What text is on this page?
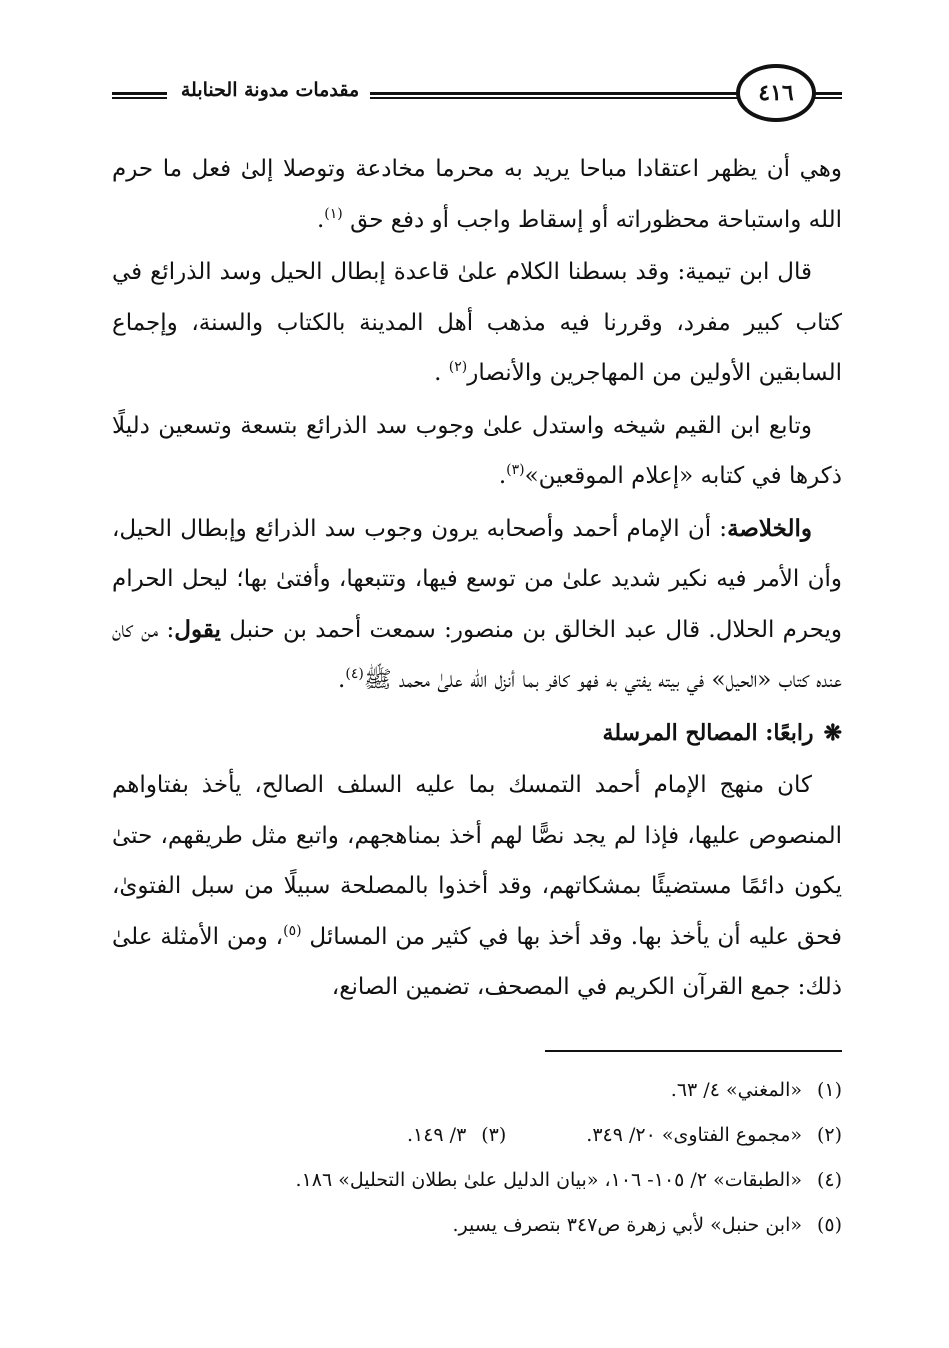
مقدمات مدونة الحنابلة	٤١٦

وهي أن يظهر اعتقادا مباحا يريد به محرما مخادعة وتوصلا إلىٰ فعل ما حرم الله واستباحة محظوراته أو إسقاط واجب أو دفع حق $^{(١)}$.

قال ابن تيمية: وقد بسطنا الكلام علىٰ قاعدة إبطال الحيل وسد الذرائع في كتاب كبير مفرد، وقررنا فيه مذهب أهل المدينة بالكتاب والسنة، وإجماع السابقين الأولين من المهاجرين والأنصار$^{(٢)}$ .

وتابع ابن القيم شيخه واستدل علىٰ وجوب سد الذرائع بتسعة وتسعين دليلًا ذكرها في كتابه «إعلام الموقعين»$^{(٣)}$.

والخلاصة: أن الإمام أحمد وأصحابه يرون وجوب سد الذرائع وإبطال الحيل، وأن الأمر فيه نكير شديد علىٰ من توسع فيها، وتتبعها، وأفتىٰ بها؛ ليحل الحرام ويحرم الحلال. قال عبد الخالق بن منصور: سمعت أحمد بن حنبل يقول: من كان عنده كتاب «الحيل» في بيته يفتي به فهو كافر بما أنزل الله علىٰ محمد ﷺ$^{(٤)}$.

❋رابعًا: المصالح المرسلة

كان منهج الإمام أحمد التمسك بما عليه السلف الصالح، يأخذ بفتاواهم المنصوص عليها، فإذا لم يجد نصًّا لهم أخذ بمناهجهم، واتبع مثل طريقهم، حتىٰ يكون دائمًا مستضيئًا بمشكاتهم، وقد أخذوا بالمصلحة سبيلًا من سبل الفتوىٰ، فحق عليه أن يأخذ بها. وقد أخذ بها في كثير من المسائل $^{(٥)}$، ومن الأمثلة علىٰ ذلك: جمع القرآن الكريم في المصحف، تضمين الصانع،

(١)
«المغني» ٤/ ٦٣.
(٢)
«مجموع الفتاوى» ٢٠/ ٣٤٩.
(٣)
٣/ ١٤٩.
(٤)
«الطبقات» ٢/ ١٠٥- ١٠٦، «بيان الدليل علىٰ بطلان التحليل» ١٨٦.
(٥)
«ابن حنبل» لأبي زهرة ص٣٤٧ بتصرف يسير.
